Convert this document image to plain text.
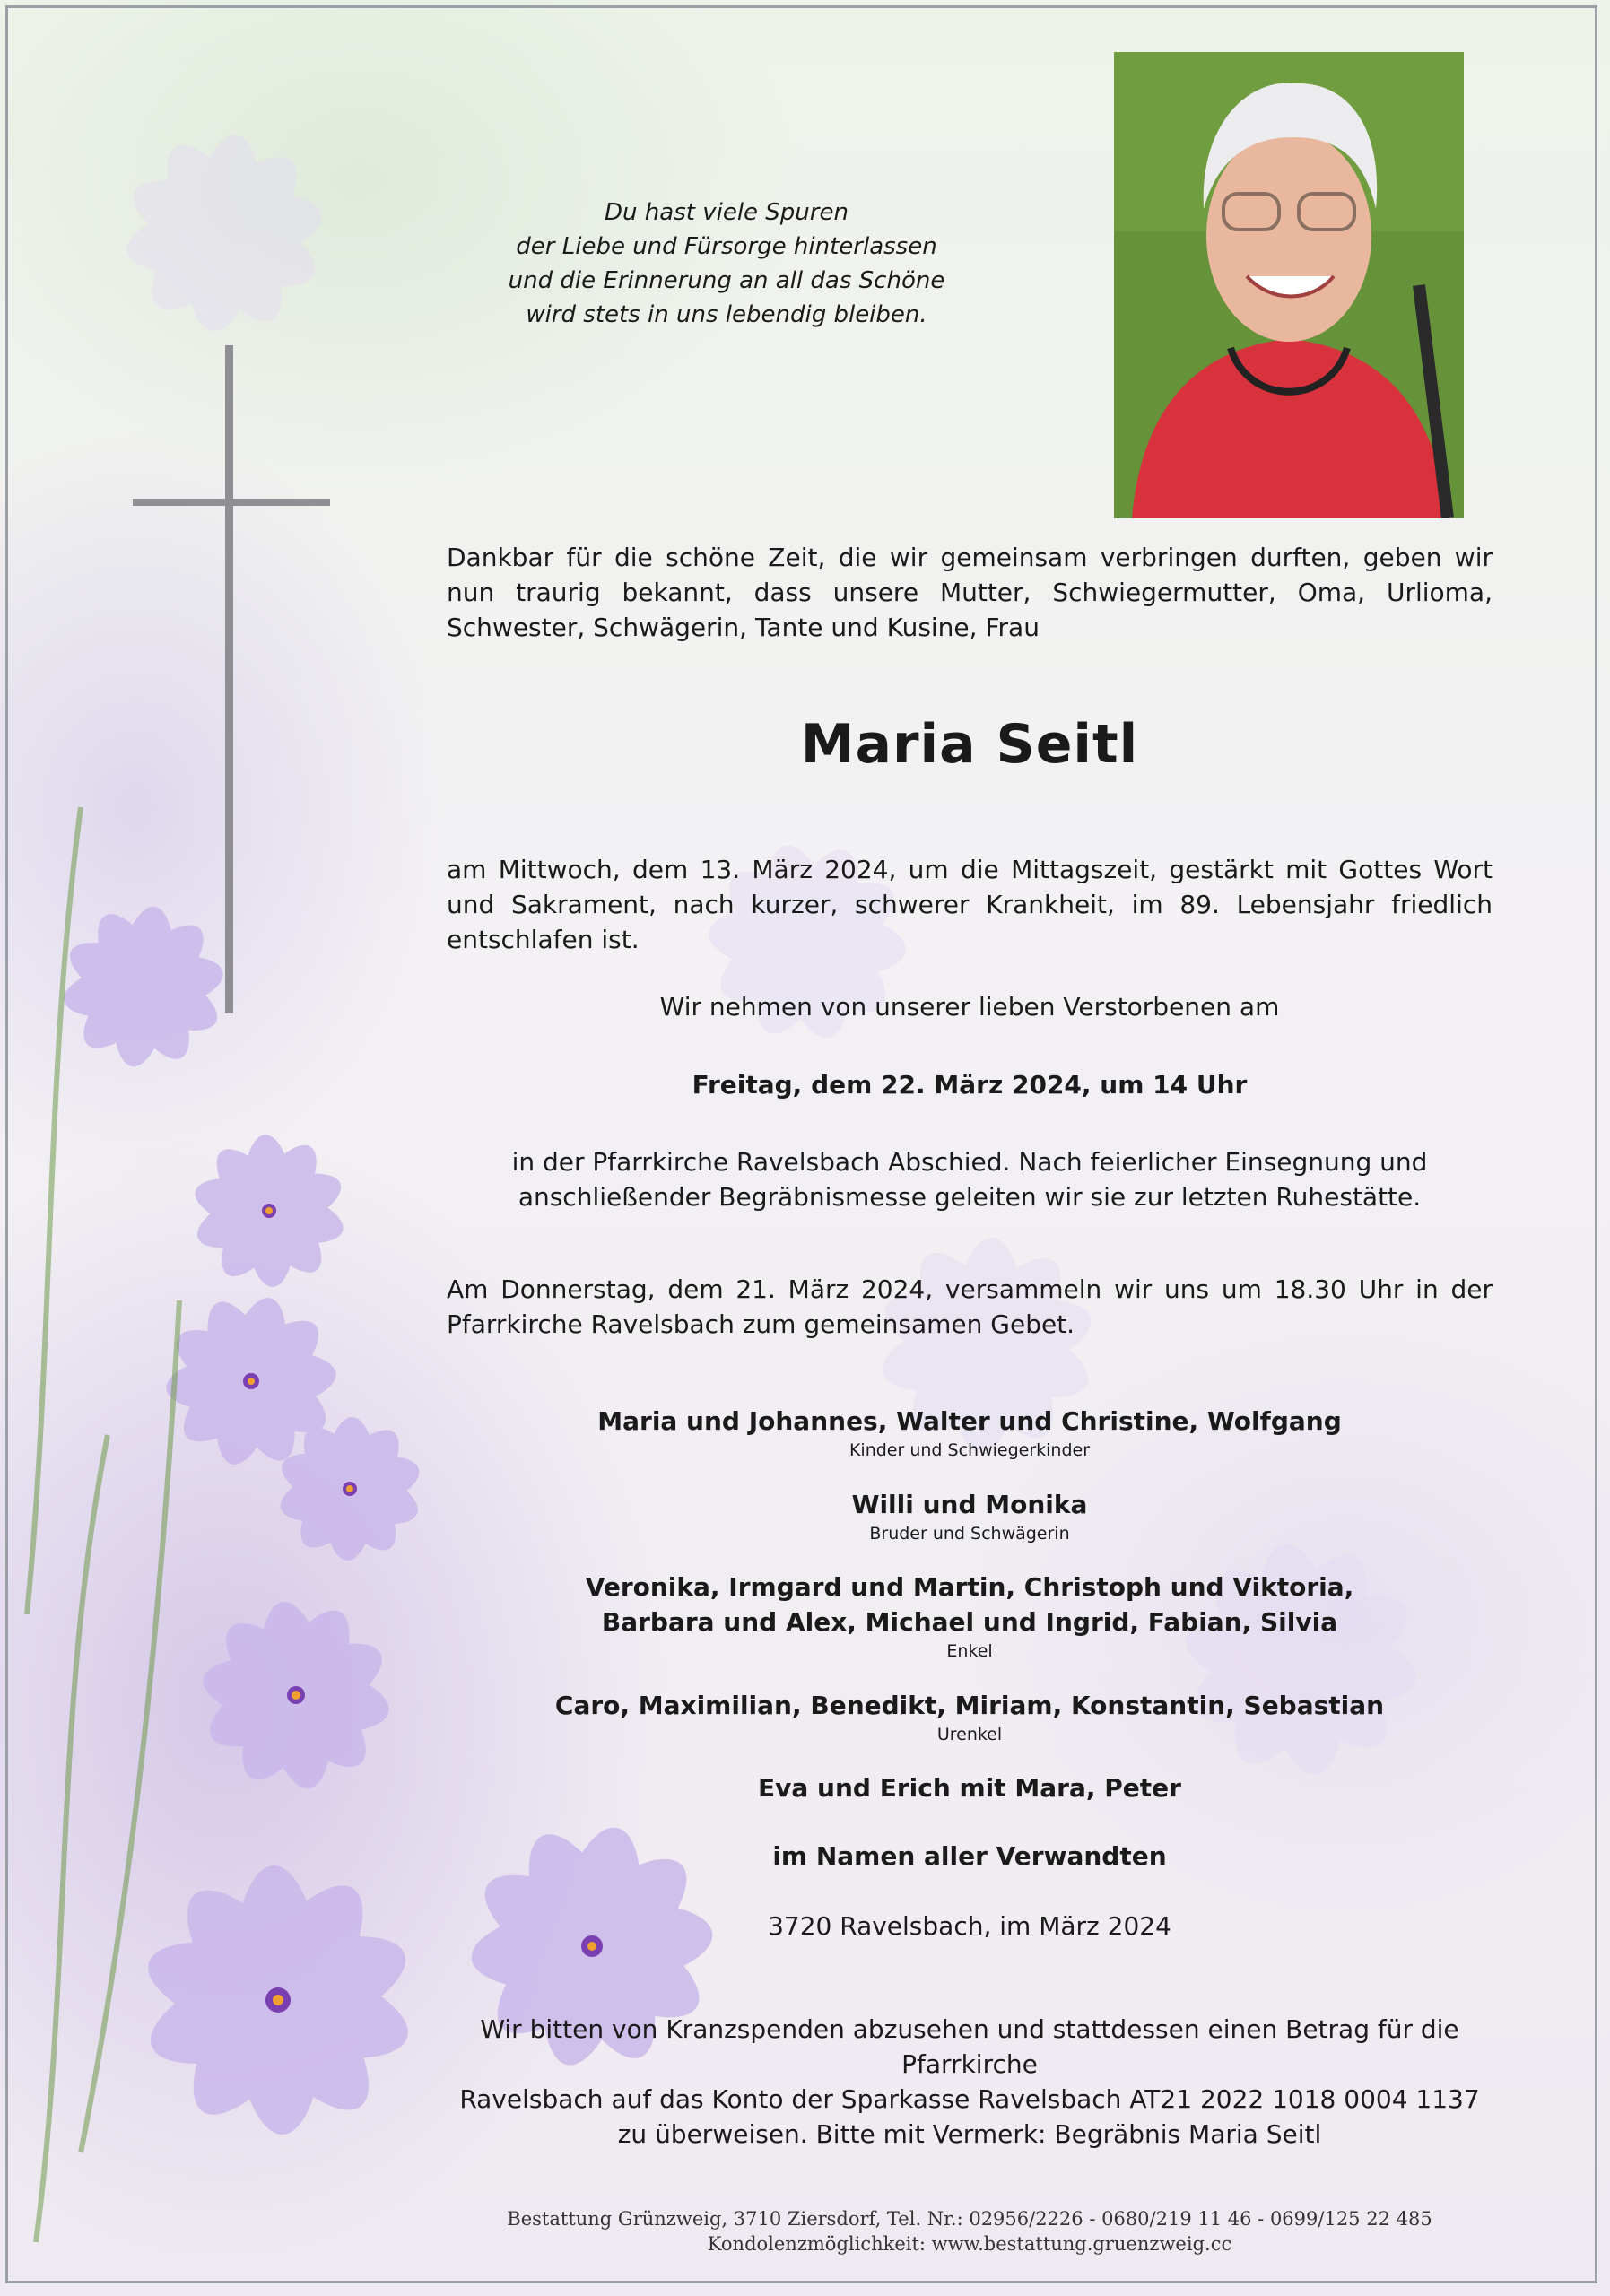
Du hast viele Spuren
der Liebe und Fürsorge hinterlassen
und die Erinnerung an all das Schöne
wird stets in uns lebendig bleiben.
Dankbar für die schöne Zeit, die wir gemeinsam verbringen durften, geben wir nun traurig bekannt, dass unsere Mutter, Schwiegermutter, Oma, Urlioma, Schwester, Schwägerin, Tante und Kusine, Frau
Maria Seitl
am Mittwoch, dem 13. März 2024, um die Mittagszeit, gestärkt mit Gottes Wort und Sakrament, nach kurzer, schwerer Krankheit, im 89. Lebensjahr friedlich entschlafen ist.
Wir nehmen von unserer lieben Verstorbenen am
Freitag, dem 22. März 2024, um 14 Uhr
in der Pfarrkirche Ravelsbach Abschied. Nach feierlicher Einsegnung und
anschließender Begräbnismesse geleiten wir sie zur letzten Ruhestätte.
Am Donnerstag, dem 21. März 2024, versammeln wir uns um 18.30 Uhr in der Pfarrkirche Ravelsbach zum gemeinsamen Gebet.
Maria und Johannes, Walter und Christine, Wolfgang
Kinder und Schwiegerkinder
Willi und Monika
Bruder und Schwägerin
Veronika, Irmgard und Martin, Christoph und Viktoria,
Barbara und Alex, Michael und Ingrid, Fabian, Silvia
Enkel
Caro, Maximilian, Benedikt, Miriam, Konstantin, Sebastian
Urenkel
Eva und Erich mit Mara, Peter
im Namen aller Verwandten
3720 Ravelsbach, im März 2024
Wir bitten von Kranzspenden abzusehen und stattdessen einen Betrag für die Pfarrkirche
Ravelsbach auf das Konto der Sparkasse Ravelsbach AT21 2022 1018 0004 1137
zu überweisen. Bitte mit Vermerk: Begräbnis Maria Seitl
Bestattung Grünzweig, 3710 Ziersdorf, Tel. Nr.: 02956/2226 - 0680/219 11 46 - 0699/125 22 485
Kondolenzmöglichkeit: www.bestattung.gruenzweig.cc
